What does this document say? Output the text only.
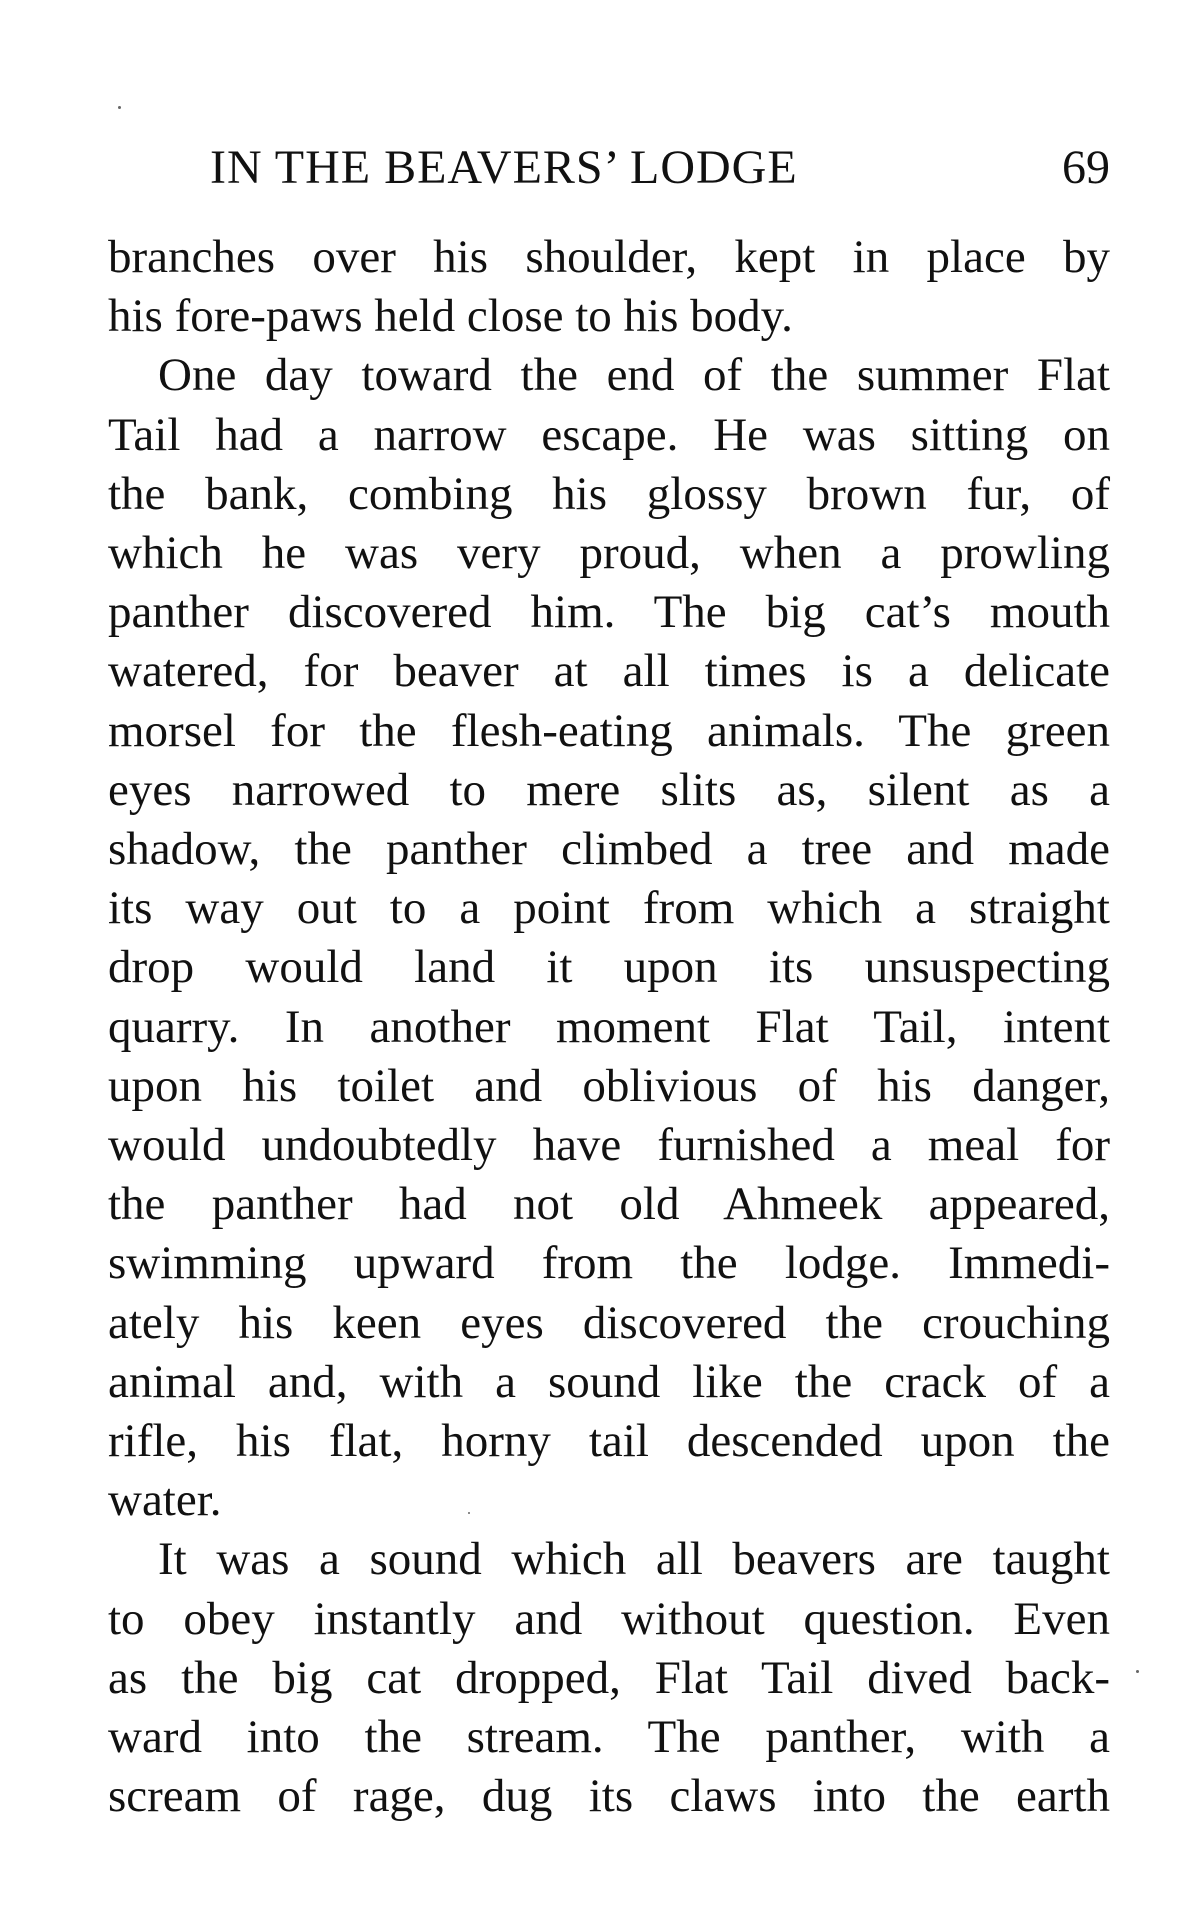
IN THE BEAVERS’ LODGE	69

branches over his shoulder, kept in place by
his fore-paws held close to his body.

One day toward the end of the summer Flat
Tail had a narrow escape. He was sitting on
the bank, combing his glossy brown fur, of
which he was very proud, when a prowling
panther discovered him. The big cat’s mouth
watered, for beaver at all times is a delicate
morsel for the flesh-eating animals. The green
eyes narrowed to mere slits as, silent as a
shadow, the panther climbed a tree and made
its way out to a point from which a straight
drop would land it upon its unsuspecting
quarry. In another moment Flat Tail, intent
upon his toilet and oblivious of his danger,
would undoubtedly have furnished a meal for
the panther had not old Ahmeek appeared,
swimming upward from the lodge. Immedi-
ately his keen eyes discovered the crouching
animal and, with a sound like the crack of a
rifle, his flat, horny tail descended upon the
water.

It was a sound which all beavers are taught
to obey instantly and without question. Even
as the big cat dropped, Flat Tail dived back-
ward into the stream. The panther, with a
scream of rage, dug its claws into the earth
